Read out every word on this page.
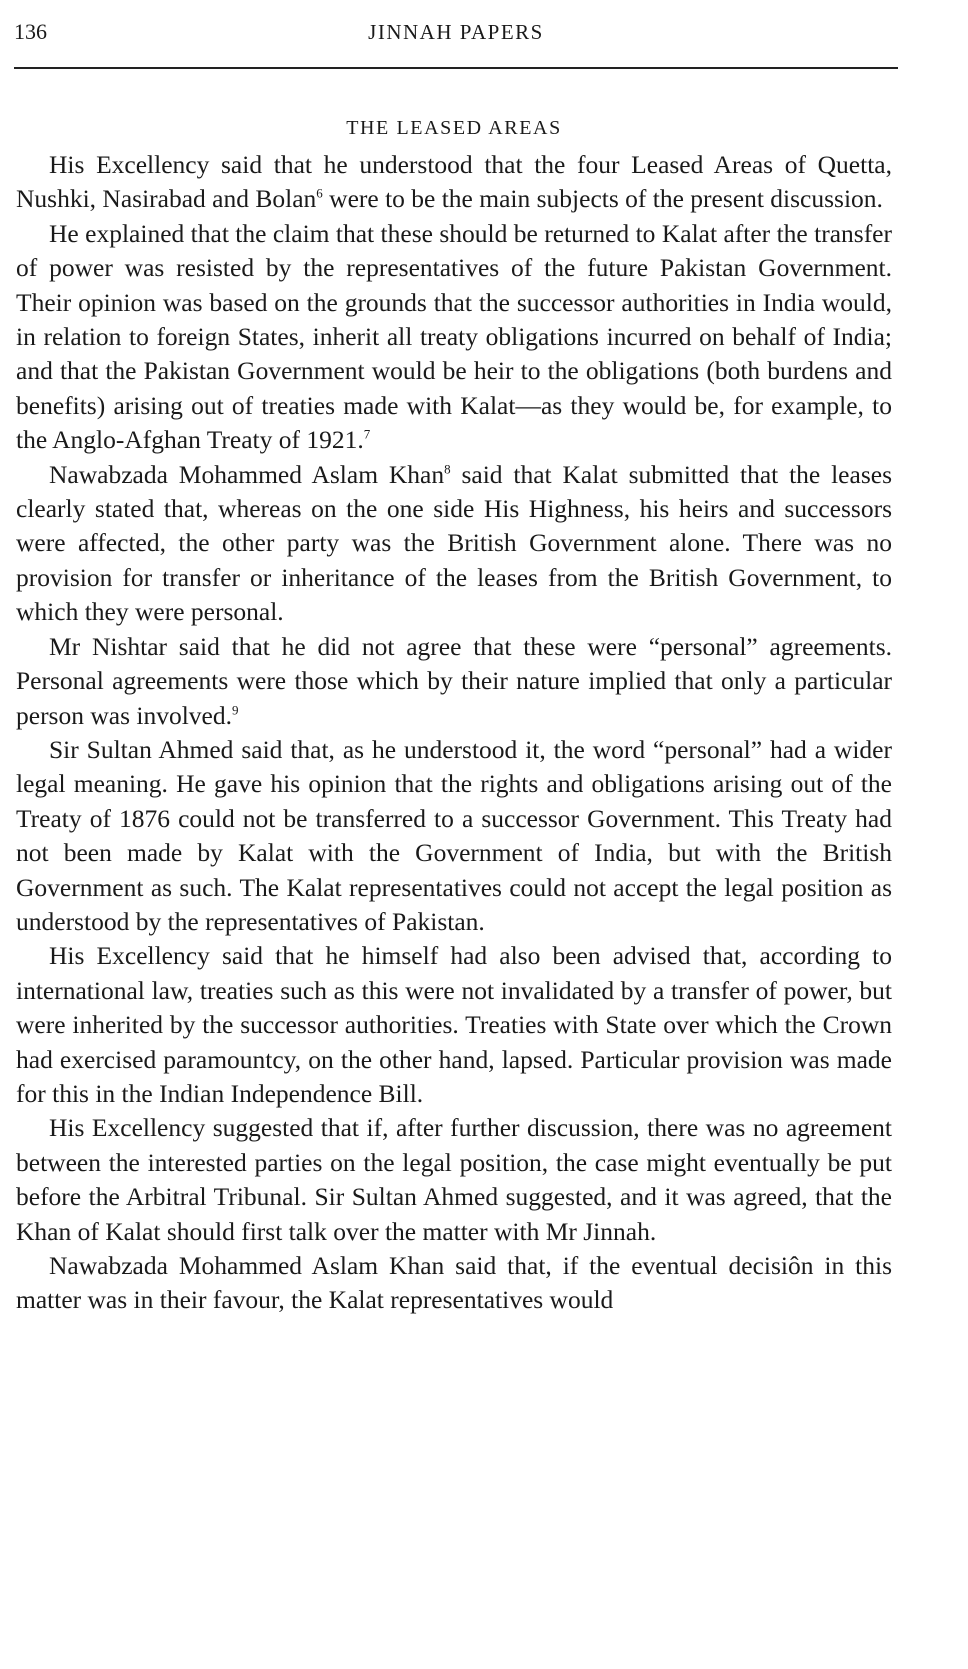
136	JINNAH PAPERS
THE LEASED AREAS

His Excellency said that he understood that the four Leased Areas of Quetta, Nushki, Nasirabad and Bolan$^6$ were to be the main subjects of the present discussion.

He explained that the claim that these should be returned to Kalat after the transfer of power was resisted by the representatives of the future Pakistan Government. Their opinion was based on the grounds that the successor authorities in India would, in relation to foreign States, inherit all treaty obligations incurred on behalf of India; and that the Pakistan Government would be heir to the obligations (both burdens and benefits) arising out of treaties made with Kalat—as they would be, for example, to the Anglo-Afghan Treaty of 1921.$^7$

Nawabzada Mohammed Aslam Khan$^8$ said that Kalat submitted that the leases clearly stated that, whereas on the one side His Highness, his heirs and successors were affected, the other party was the British Government alone. There was no provision for transfer or inheritance of the leases from the British Government, to which they were personal.

Mr Nishtar said that he did not agree that these were “personal” agreements. Personal agreements were those which by their nature implied that only a particular person was involved.$^9$

Sir Sultan Ahmed said that, as he understood it, the word “personal” had a wider legal meaning. He gave his opinion that the rights and obligations arising out of the Treaty of 1876 could not be transferred to a successor Government. This Treaty had not been made by Kalat with the Government of India, but with the British Government as such. The Kalat representatives could not accept the legal position as understood by the representatives of Pakistan.

His Excellency said that he himself had also been advised that, according to international law, treaties such as this were not invalidated by a transfer of power, but were inherited by the successor authorities. Treaties with State over which the Crown had exercised paramountcy, on the other hand, lapsed. Particular provision was made for this in the Indian Independence Bill.

His Excellency suggested that if, after further discussion, there was no agreement between the interested parties on the legal position, the case might eventually be put before the Arbitral Tribunal. Sir Sultan Ahmed suggested, and it was agreed, that the Khan of Kalat should first talk over the matter with Mr Jinnah.

Nawabzada Mohammed Aslam Khan said that, if the eventual decisiôn in this matter was in their favour, the Kalat representatives would
